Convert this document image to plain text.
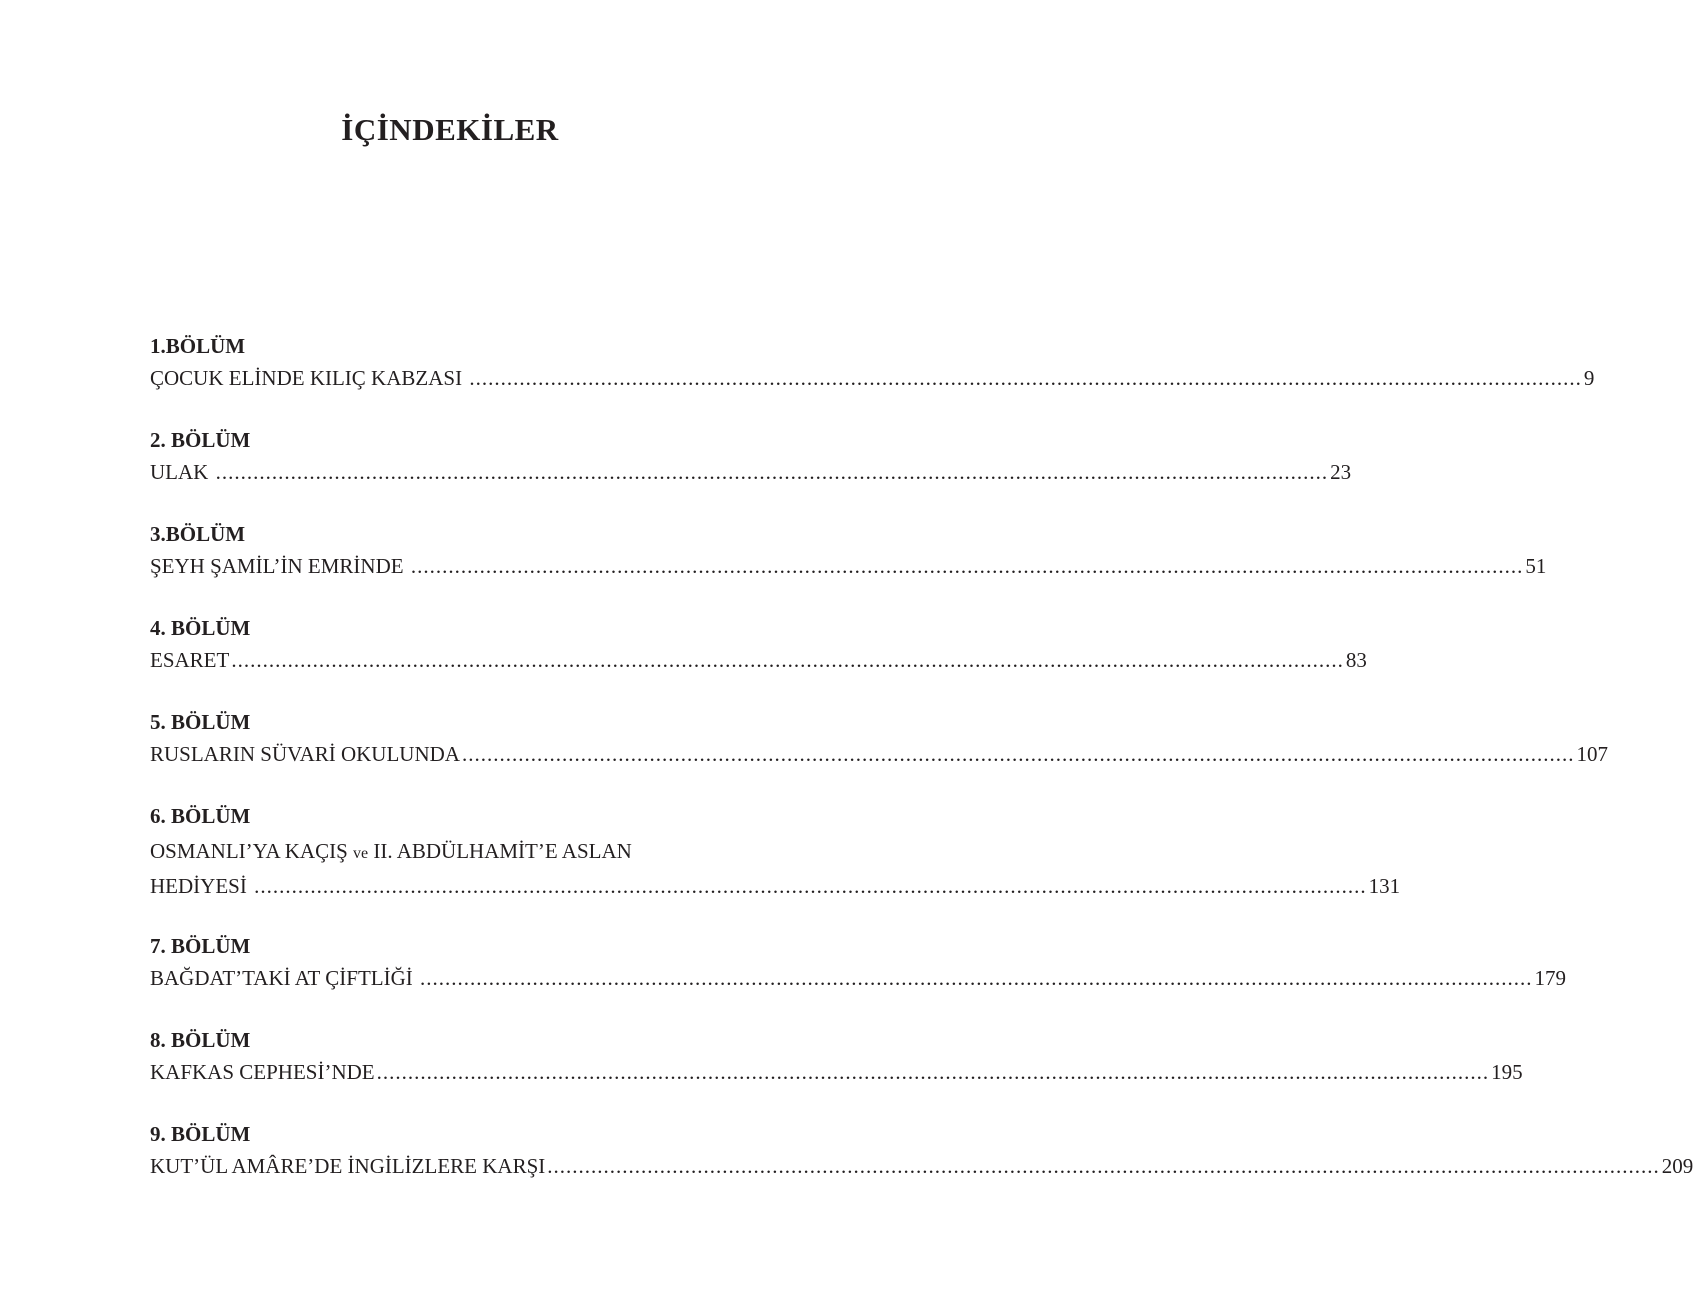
İÇİNDEKİLER
1.BÖLÜM
ÇOCUK ELİNDE KILIÇ KABZASI .................................................................................................................................................................................. 9
2. BÖLÜM
ULAK .................................................................................................................................................................................. 23
3.BÖLÜM
ŞEYH ŞAMİL’İN EMRİNDE .................................................................................................................................................................................. 51
4. BÖLÜM
ESARET .................................................................................................................................................................................. 83
5. BÖLÜM
RUSLARIN SÜVARİ OKULUNDA .................................................................................................................................................................................. 107
6. BÖLÜM
OSMANLI’YA KAÇIŞ ve II. ABDÜLHAMİT’E ASLAN
HEDİYESİ .................................................................................................................................................................................. 131
7. BÖLÜM
BAĞDAT’TAKİ AT ÇİFTLİĞİ .................................................................................................................................................................................. 179
8. BÖLÜM
KAFKAS CEPHESİ’NDE .................................................................................................................................................................................. 195
9. BÖLÜM
KUT’ÜL AMÂRE’DE İNGİLİZLERE KARŞI .................................................................................................................................................................................. 209
